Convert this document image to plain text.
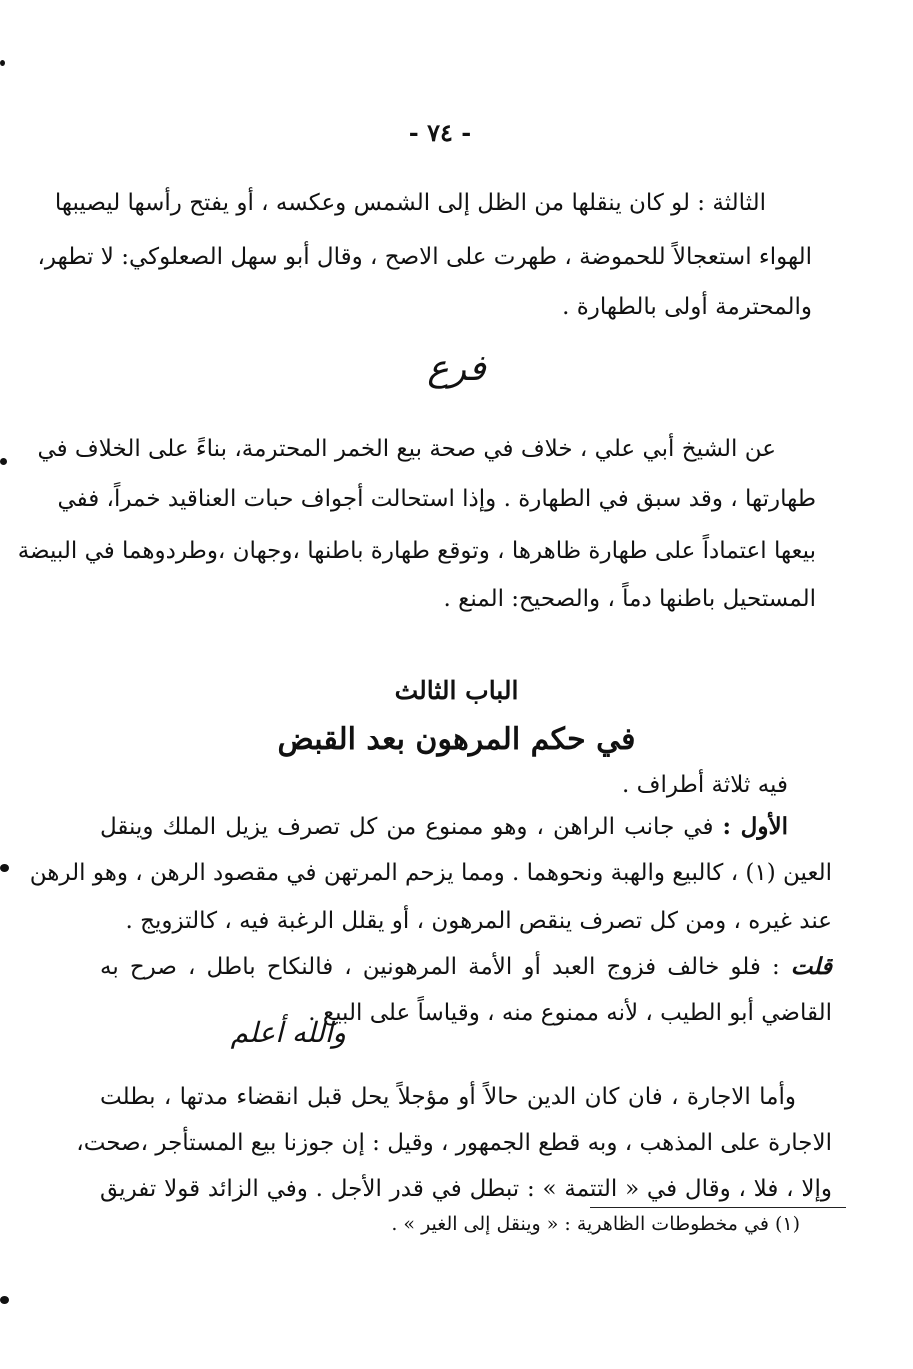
- ٧٤ -
الثالثة : لو كان ينقلها من الظل إلى الشمس وعكسه ، أو يفتح رأسها ليصيبها
الهواء استعجالاً للحموضة ، طهرت على الاصح ، وقال أبو سهل الصعلوكي: لا تطهر،
والمحترمة أولى بالطهارة .
فرع
عن الشيخ أبي علي ، خلاف في صحة بيع الخمر المحترمة، بناءً على الخلاف في
طهارتها ، وقد سبق في الطهارة . وإذا استحالت أجواف حبات العناقيد خمراً، ففي
بيعها اعتماداً على طهارة ظاهرها ، وتوقع طهارة باطنها ،وجهان ،وطردوهما في البيضة
المستحيل باطنها دماً ، والصحيح: المنع .
الباب الثالث
في حكم المرهون بعد القبض
فيه ثلاثة أطراف .
الأول : في جانب الراهن ، وهو ممنوع من كل تصرف يزيل الملك وينقل
العين (١) ، كالبيع والهبة ونحوهما . ومما يزحم المرتهن في مقصود الرهن ، وهو الرهن
عند غيره ، ومن كل تصرف ينقص المرهون ، أو يقلل الرغبة فيه ، كالتزويج .
قلت : فلو خالف فزوج العبد أو الأمة المرهونين ، فالنكاح باطل ، صرح به
القاضي أبو الطيب ، لأنه ممنوع منه ، وقياساً على البيع .
والله أعلم
وأما الاجارة ، فان كان الدين حالاً أو مؤجلاً يحل قبل انقضاء مدتها ، بطلت
الاجارة على المذهب ، وبه قطع الجمهور ، وقيل : إن جوزنا بيع المستأجر ،صحت،
وإلا ، فلا ، وقال في « التتمة » : تبطل في قدر الأجل . وفي الزائد قولا تفريق
(١) في مخطوطات الظاهرية : « وينقل إلى الغير » .
